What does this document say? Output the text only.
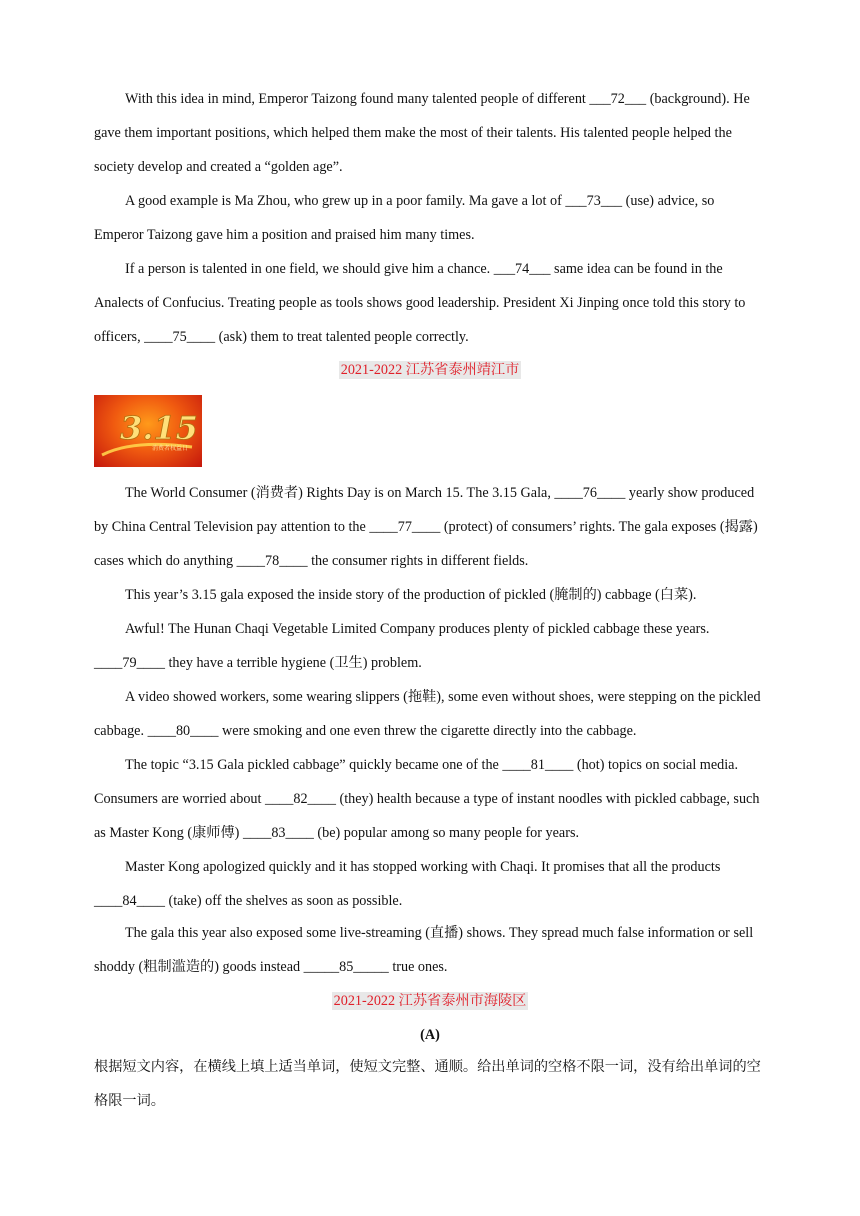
With this idea in mind, Emperor Taizong found many talented people of different ___72___ (background). He gave them important positions, which helped them make the most of their talents. His talented people helped the society develop and created a “golden age”.

A good example is Ma Zhou, who grew up in a poor family. Ma gave a lot of ___73___ (use) advice, so Emperor Taizong gave him a position and praised him many times.

If a person is talented in one field, we should give him a chance. ___74___ same idea can be found in the Analects of Confucius. Treating people as tools shows good leadership. President Xi Jinping once told this story to officers, ____75____ (ask) them to treat talented people correctly.

2021-2022 江苏省泰州靖江市

3.15
消费者权益日

The World Consumer (消费者) Rights Day is on March 15. The 3.15 Gala, ____76____ yearly show produced by China Central Television pay attention to the ____77____ (protect) of consumers’ rights. The gala exposes (揭露) cases which do anything ____78____ the consumer rights in different fields.

This year’s 3.15 gala exposed the inside story of the production of pickled (腌制的) cabbage (白菜).

Awful! The Hunan Chaqi Vegetable Limited Company produces plenty of pickled cabbage these years. ____79____ they have a terrible hygiene (卫生) problem.

A video showed workers, some wearing slippers (拖鞋), some even without shoes, were stepping on the pickled cabbage. ____80____ were smoking and one even threw the cigarette directly into the cabbage.

The topic “3.15 Gala pickled cabbage” quickly became one of the ____81____ (hot) topics on social media. Consumers are worried about ____82____ (they) health because a type of instant noodles with pickled cabbage, such as Master Kong (康师傅) ____83____ (be) popular among so many people for years.

Master Kong apologized quickly and it has stopped working with Chaqi. It promises that all the products ____84____ (take) off the shelves as soon as possible.

The gala this year also exposed some live-streaming (直播) shows. They spread much false information or sell shoddy (粗制滥造的) goods instead _____85_____ true ones.

2021-2022 江苏省泰州市海陵区

(A)

根据短文内容，在横线上填上适当单词，使短文完整、通顺。给出单词的空格不限一词，没有给出单词的空格限一词。
